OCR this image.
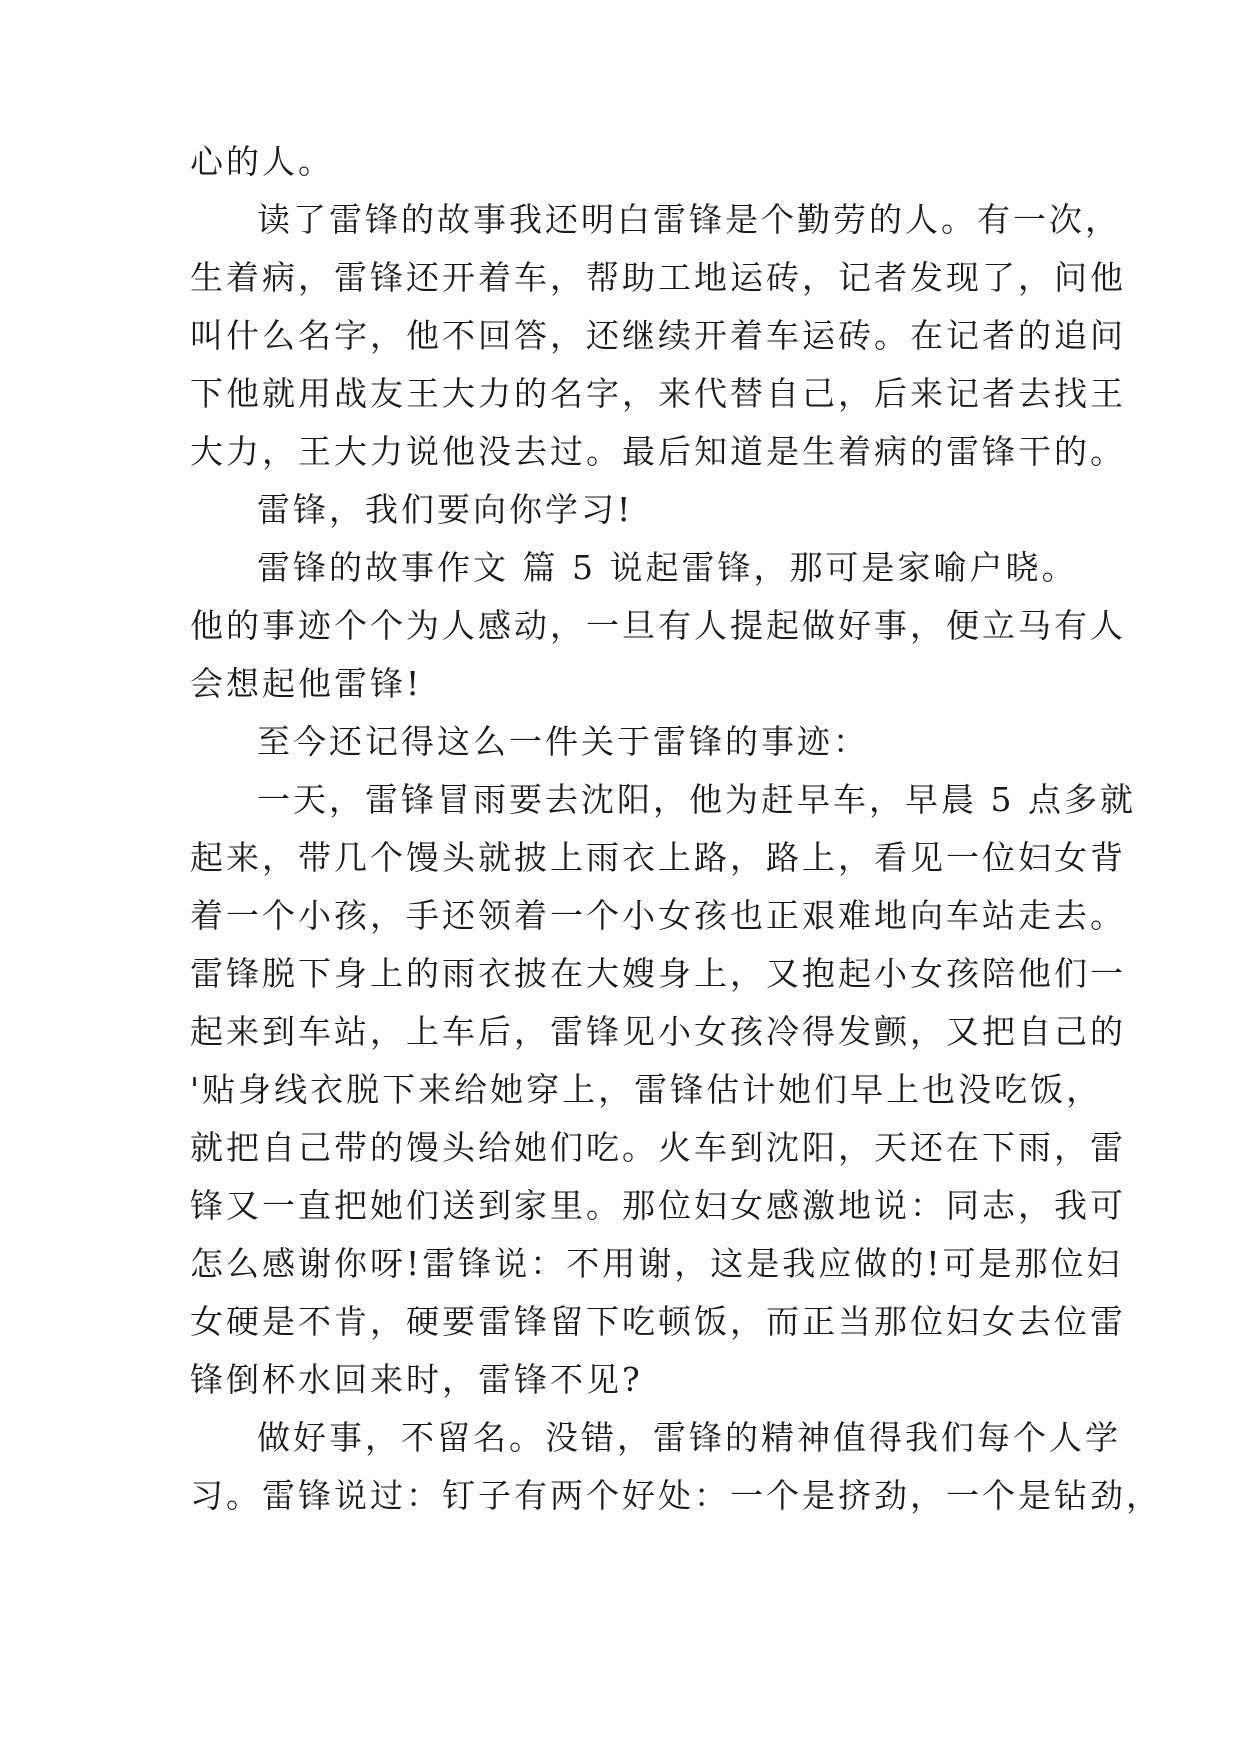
心的人。
读了雷锋的故事我还明白雷锋是个勤劳的人。有一次，
生着病，雷锋还开着车，帮助工地运砖，记者发现了，问他
叫什么名字，他不回答，还继续开着车运砖。在记者的追问
下他就用战友王大力的名字，来代替自己，后来记者去找王
大力，王大力说他没去过。最后知道是生着病的雷锋干的。
雷锋，我们要向你学习!
雷锋的故事作文 篇 5 说起雷锋，那可是家喻户晓。
他的事迹个个为人感动，一旦有人提起做好事，便立马有人
会想起他雷锋!
至今还记得这么一件关于雷锋的事迹：
一天，雷锋冒雨要去沈阳，他为赶早车，早晨 5 点多就
起来，带几个馒头就披上雨衣上路，路上，看见一位妇女背
着一个小孩，手还领着一个小女孩也正艰难地向车站走去。
雷锋脱下身上的雨衣披在大嫂身上，又抱起小女孩陪他们一
起来到车站，上车后，雷锋见小女孩冷得发颤，又把自己的
'贴身线衣脱下来给她穿上，雷锋估计她们早上也没吃饭，
就把自己带的馒头给她们吃。火车到沈阳，天还在下雨，雷
锋又一直把她们送到家里。那位妇女感激地说：同志，我可
怎么感谢你呀!雷锋说：不用谢，这是我应做的!可是那位妇
女硬是不肯，硬要雷锋留下吃顿饭，而正当那位妇女去位雷
锋倒杯水回来时，雷锋不见?
做好事，不留名。没错，雷锋的精神值得我们每个人学
习。雷锋说过：钉子有两个好处：一个是挤劲，一个是钻劲，
